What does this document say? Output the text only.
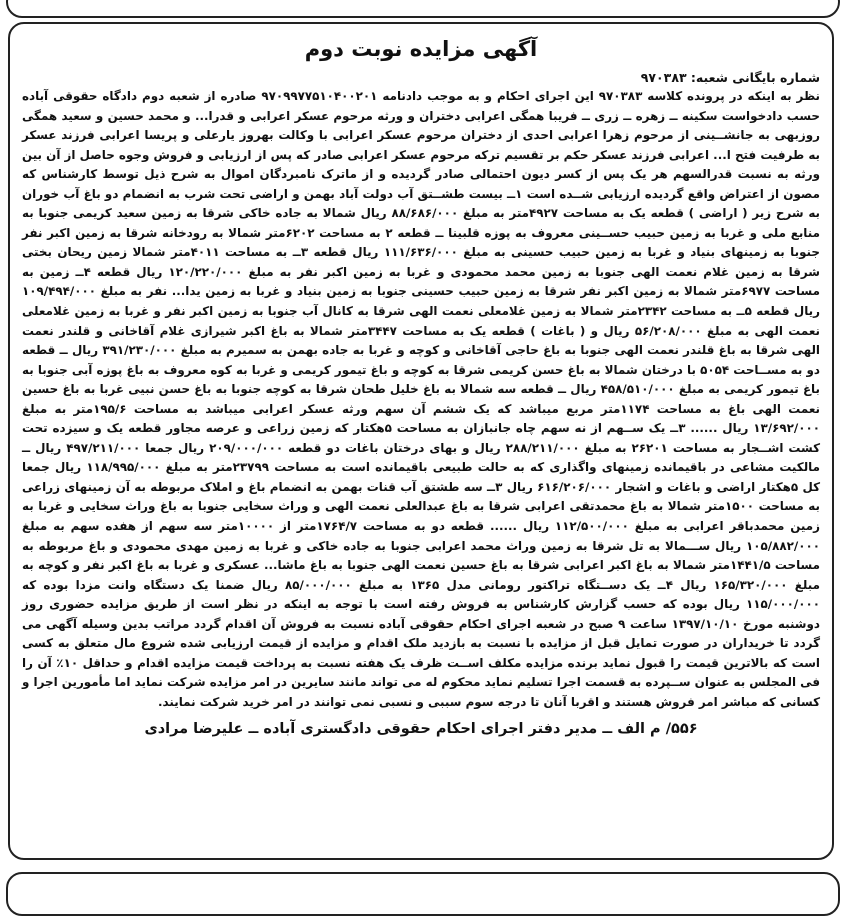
آگهی مزایده نوبت دوم
شماره بایگانی شعبه: ۹۷۰۳۸۳

نظر به اینکه در پرونده کلاسه ۹۷۰۳۸۳ این اجرای احکام و به موجب دادنامه ۹۷۰۹۹۷۷۵۱۰۴۰۰۲۰۱ صادره از شعبه دوم دادگاه حقوقی آباده حسب دادخواست سکینه ــ زهره ــ زری ــ فریبا همگی اعرابی دختران و ورثه مرحوم عسکر اعرابی و قدرا... و محمد حسین و سعید همگی روزبهی به جانشــینی از مرحوم زهرا اعرابی احدی از دختران مرحوم عسکر اعرابی با وکالت بهروز یارعلی و پریسا اعرابی فرزند عسکر به طرفیت فتح ا... اعرابی فرزند عسکر حکم بر تقسیم ترکه مرحوم عسکر اعرابی صادر که پس از ارزیابی و فروش وجوه حاصل از آن بین ورثه به نسبت قدرالسهم هر یک پس از کسر دیون احتمالی صادر گردیده و از ماترک نامبردگان اموال به شرح ذیل توسط کارشناس که مصون از اعتراض واقع گردیده ارزیابی شــده است ۱ــ بیست طشــتق آب دولت آباد بهمن و اراضی تحت شرب به انضمام دو باغ آب خوران به شرح زیر ( اراضی ) قطعه یک به مساحت ۴۹۲۷متر به مبلغ ۸۸/۶۸۶/۰۰۰ ریال شمالا به جاده خاکی شرقا به زمین سعید کریمی جنوبا به منابع ملی و غربا به زمین حبیب حســینی معروف به پوزه قلبینا ــ قطعه ۲ به مساحت ۶۲۰۲متر شمالا به رودخانه شرقا به زمین اکبر نفر جنوبا به زمینهای بنیاد و غربا به زمین حبیب حسینی به مبلغ ۱۱۱/۶۳۶/۰۰۰ ریال قطعه ۳ــ به مساحت ۴۰۱۱متر شمالا زمین ریحان بختی شرقا به زمین غلام نعمت الهی جنوبا به زمین محمد محمودی و غربا به زمین اکبر نفر به مبلغ ۱۲۰/۲۲۰/۰۰۰ ریال قطعه ۴ــ زمین به مساحت ۶۹۷۷متر شمالا به زمین اکبر نفر شرقا به زمین حبیب حسینی جنوبا به زمین بنیاد و غربا به زمین یدا... نفر به مبلغ ۱۰۹/۴۹۴/۰۰۰ ریال قطعه ۵ــ به مساحت ۲۳۴۲متر شمالا به زمین غلامعلی نعمت الهی شرقا به کانال آب جنوبا به زمین اکبر نفر و غربا به زمین غلامعلی نعمت الهی به مبلغ ۵۶/۲۰۸/۰۰۰ ریال و ( باغات ) قطعه یک به مساحت ۳۴۴۷متر شمالا به باغ اکبر شیرازی غلام آقاخانی و قلندر نعمت الهی شرقا به باغ قلندر نعمت الهی جنوبا به باغ حاجی آقاخانی و کوچه و غربا به جاده بهمن به سمیرم به مبلغ ۳۹۱/۲۳۰/۰۰۰ ریال ــ قطعه دو به مســاحت ۵۰۵۴ با درختان شمالا به باغ حسن کریمی شرقا به کوچه و باغ تیمور کریمی و غربا به کوه معروف به باغ پوزه آبی جنوبا به باغ تیمور کریمی به مبلغ ۴۵۸/۵۱۰/۰۰۰ ریال ــ قطعه سه شمالا به باغ خلیل طحان شرقا به کوچه جنوبا به باغ حسن نبیی غربا به باغ حسین نعمت الهی باغ به مساحت ۱۱۷۴متر مربع میباشد که یک ششم آن سهم ورثه عسکر اعرابی میباشد به مساحت ۱۹۵/۶متر به مبلغ ۱۳/۶۹۲/۰۰۰ ریال ...... ۳ــ یک ســهم از نه سهم چاه جانبازان به مساحت ۵هکتار که زمین زراعی و عرصه مجاور قطعه یک و سیزده تحت کشت اشــجار به مساحت ۲۶۲۰۱ به مبلغ ۲۸۸/۲۱۱/۰۰۰ ریال و بهای درختان باغات دو قطعه ۲۰۹/۰۰۰/۰۰۰ ریال جمعا ۴۹۷/۲۱۱/۰۰۰ ریال ــ مالکیت مشاعی در باقیمانده زمینهای واگذاری که به حالت طبیعی باقیمانده است به مساحت ۲۳۷۹۹متر به مبلغ ۱۱۸/۹۹۵/۰۰۰ ریال جمعا کل ۵هکتار اراضی و باغات و اشجار ۶۱۶/۲۰۶/۰۰۰ ریال ۳ــ سه طشتق آب قنات بهمن به انضمام باغ و املاک مربوطه به آن زمینهای زراعی به مساحت ۱۵۰۰متر شمالا به باغ محمدتقی اعرابی شرقا به باغ عبدالعلی نعمت الهی و وراث سخایی جنوبا به باغ وراث سخایی و غربا به زمین محمدباقر اعرابی به مبلغ ۱۱۲/۵۰۰/۰۰۰ ریال ...... قطعه دو به مساحت ۱۷۶۴/۷متر از ۱۰۰۰۰متر سه سهم از هفده سهم به مبلغ ۱۰۵/۸۸۲/۰۰۰ ریال ســـمالا به تل شرقا به زمین وراث محمد اعرابی جنوبا به جاده خاکی و غربا به زمین مهدی محمودی و باغ مربوطه به مساحت ۱۴۴۱/۵متر شمالا به باغ اکبر اعرابی شرقا به باغ حسین نعمت الهی جنوبا به باغ ماشا... عسکری و غربا به باغ اکبر نفر و کوچه به مبلغ ۱۶۵/۳۲۰/۰۰۰ ریال ۴ــ یک دســتگاه تراکتور رومانی مدل ۱۳۶۵ به مبلغ ۸۵/۰۰۰/۰۰۰ ریال ضمنا یک دستگاه وانت مزدا بوده که ۱۱۵/۰۰۰/۰۰۰ ریال بوده که حسب گزارش کارشناس به فروش رفته است با توجه به اینکه در نظر است از طریق مزایده حضوری روز دوشنبه مورخ ۱۳۹۷/۱۰/۱۰ ساعت ۹ صبح در شعبه اجرای احکام حقوقی آباده نسبت به فروش آن اقدام گردد مراتب بدین وسیله آگهی می گردد تا خریداران در صورت تمایل قبل از مزایده با نسبت به بازدید ملک اقدام و مزایده از قیمت ارزیابی شده شروع مال متعلق به کسی است که بالاترین قیمت را قبول نماید برنده مزایده مکلف اســت ظرف یک هفته نسبت به پرداخت قیمت مزایده اقدام و حداقل ۱۰٪ آن را فی المجلس به عنوان ســپرده به قسمت اجرا تسلیم نماید محکوم له می تواند مانند سایرین در امر مزایده شرکت نماید اما مأمورین اجرا و کسانی که مباشر امر فروش هستند و اقربا آنان تا درجه سوم سببی و نسبی نمی توانند در امر خرید شرکت نمایند.

۵۵۶/ م الف ــ مدیر دفتر اجرای احکام حقوقی دادگستری آباده ــ علیرضا مرادی
